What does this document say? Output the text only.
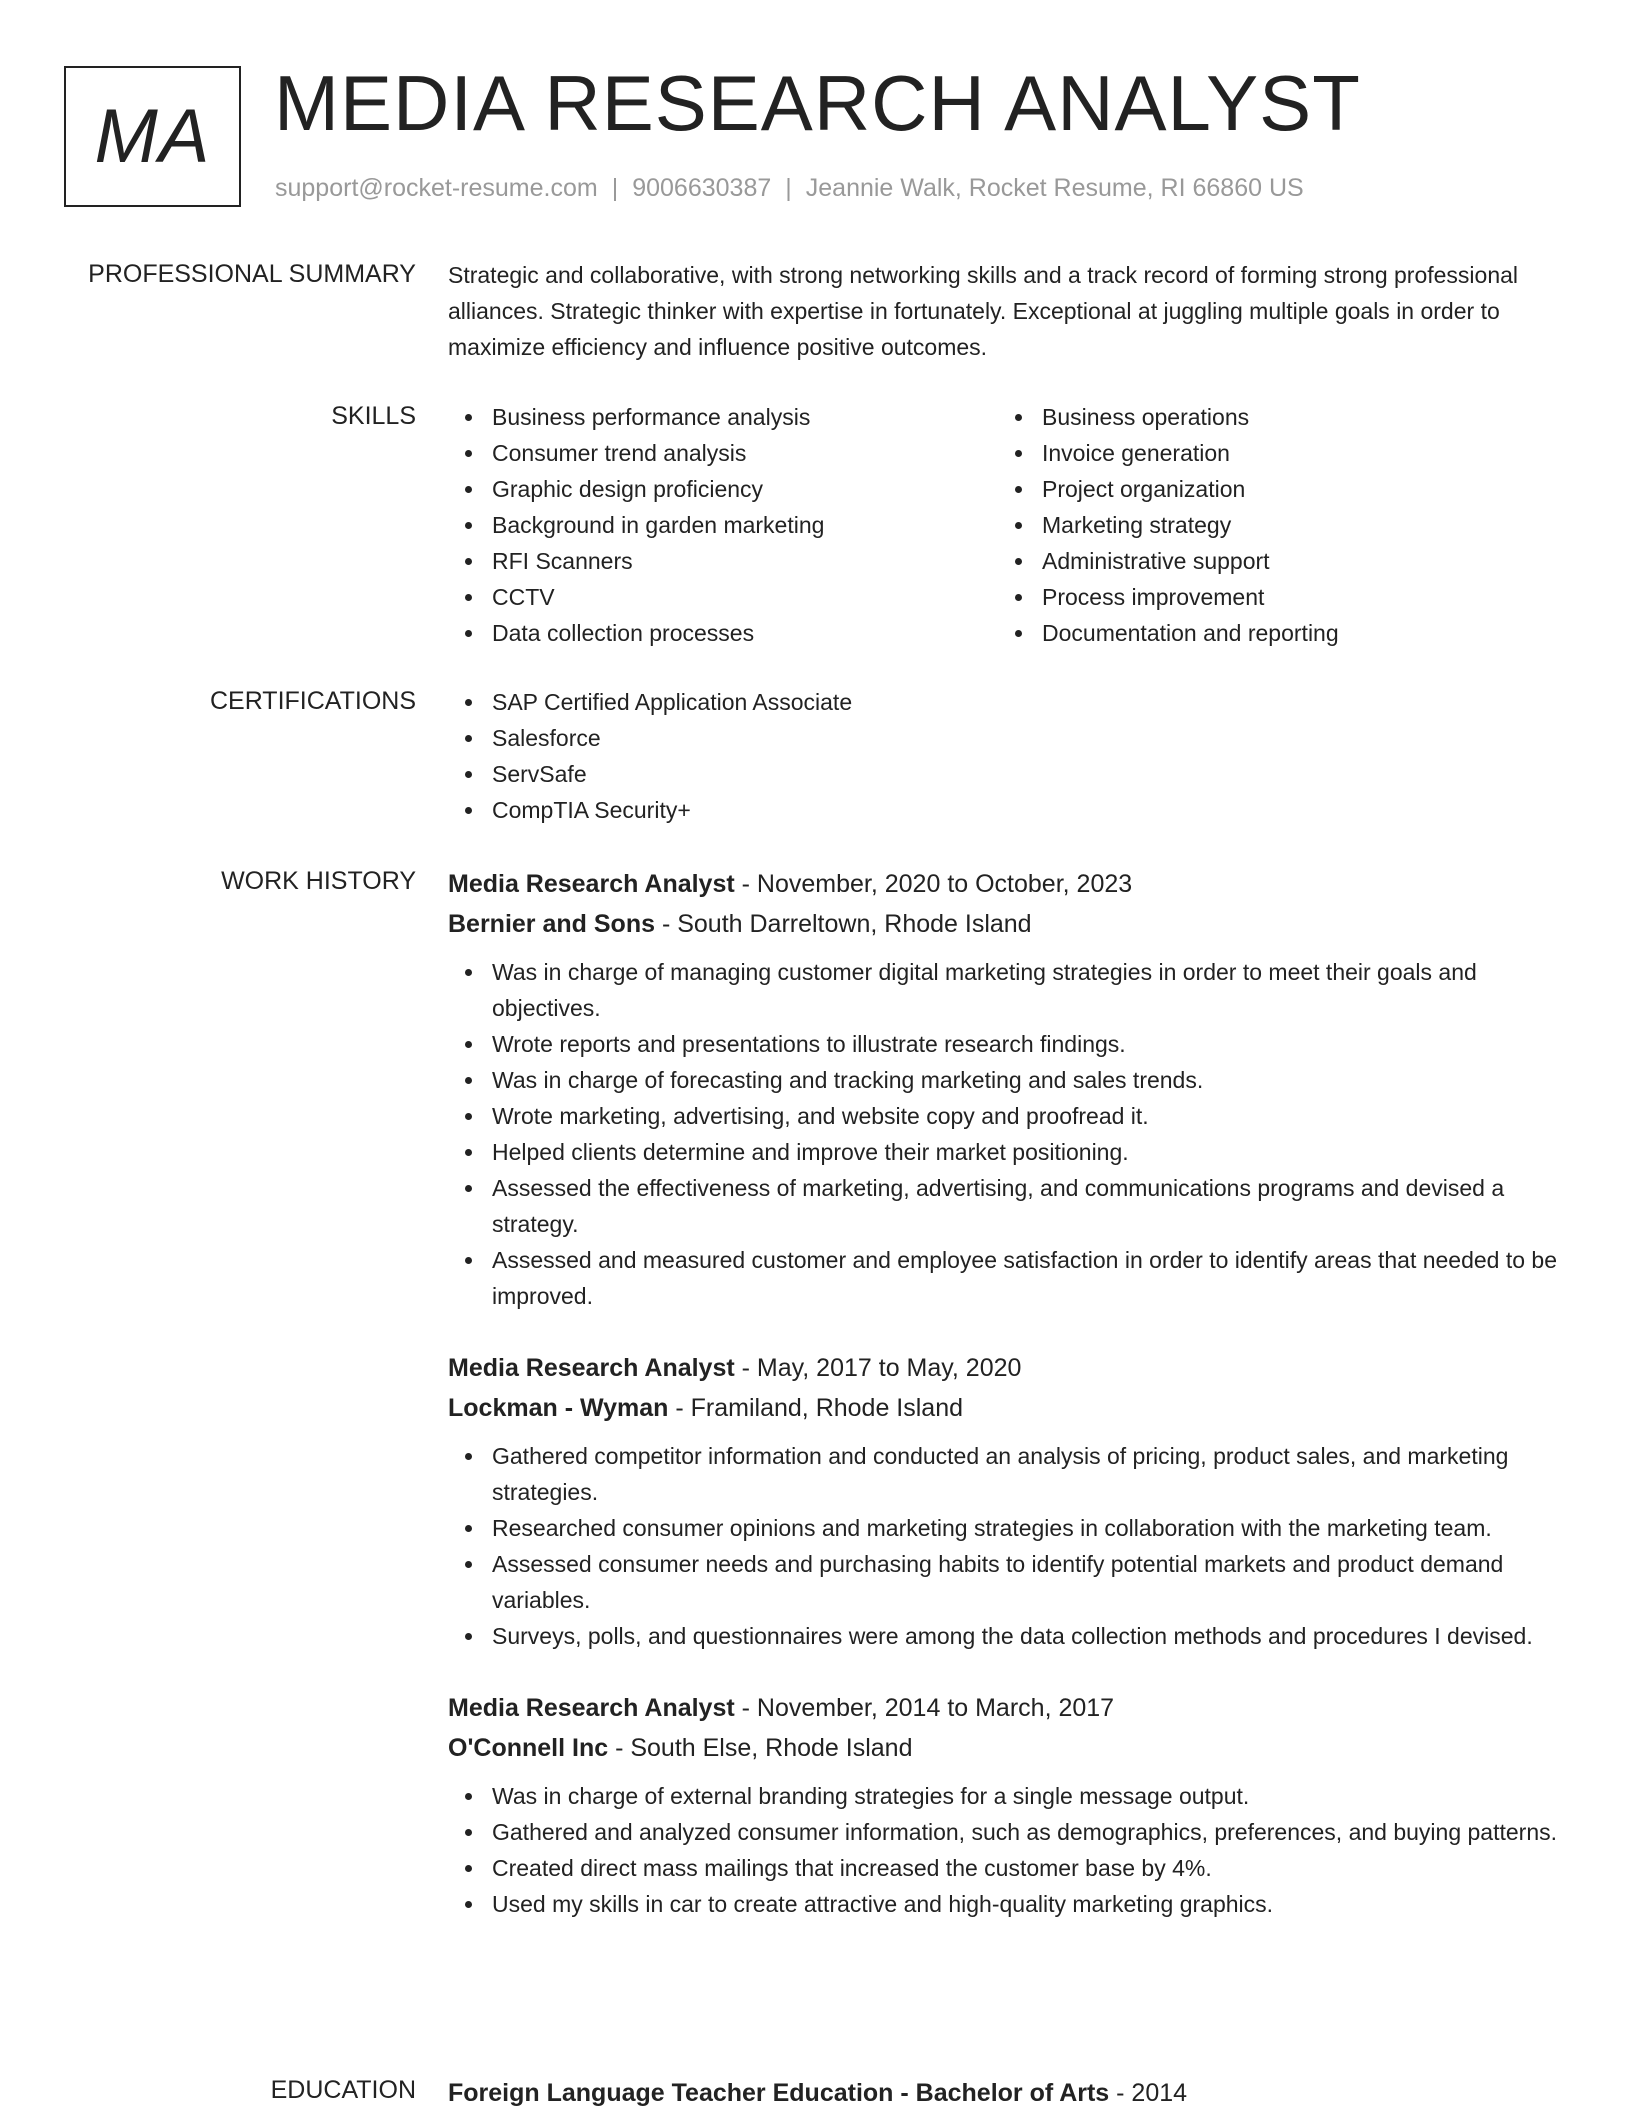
MA MEDIA RESEARCH ANALYST
support@rocket-resume.com | 9006630387 | Jeannie Walk, Rocket Resume, RI 66860 US
PROFESSIONAL SUMMARY Strategic and collaborative, with strong networking skills and a track record of forming strong professional alliances. Strategic thinker with expertise in fortunately. Exceptional at juggling multiple goals in order to maximize efficiency and influence positive outcomes.

SKILLS	Business performance analysis
Consumer trend analysis
Graphic design proficiency
Background in garden marketing
RFI Scanners
CCTV
Data collection processes
Business operations
Invoice generation
Project organization
Marketing strategy
Administrative support
Process improvement
Documentation and reporting
CERTIFICATIONS	SAP Certified Application Associate
Salesforce
ServSafe
CompTIA Security+
WORK HISTORY Media Research Analyst - November, 2020 to October, 2023
Bernier and Sons - South Darreltown, Rhode Island
Was in charge of managing customer digital marketing strategies in order to meet their goals and objectives.
Wrote reports and presentations to illustrate research findings.
Was in charge of forecasting and tracking marketing and sales trends.
Wrote marketing, advertising, and website copy and proofread it.
Helped clients determine and improve their market positioning.
Assessed the effectiveness of marketing, advertising, and communications programs and devised a strategy.
Assessed and measured customer and employee satisfaction in order to identify areas that needed to be improved.
Media Research Analyst - May, 2017 to May, 2020
Lockman - Wyman - Framiland, Rhode Island
Gathered competitor information and conducted an analysis of pricing, product sales, and marketing strategies.
Researched consumer opinions and marketing strategies in collaboration with the marketing team.
Assessed consumer needs and purchasing habits to identify potential markets and product demand variables.
Surveys, polls, and questionnaires were among the data collection methods and procedures I devised.
Media Research Analyst - November, 2014 to March, 2017
O'Connell Inc - South Else, Rhode Island
Was in charge of external branding strategies for a single message output.
Gathered and analyzed consumer information, such as demographics, preferences, and buying patterns.
Created direct mass mailings that increased the customer base by 4%.
Used my skills in car to create attractive and high-quality marketing graphics.
EDUCATION Foreign Language Teacher Education - Bachelor of Arts - 2014
